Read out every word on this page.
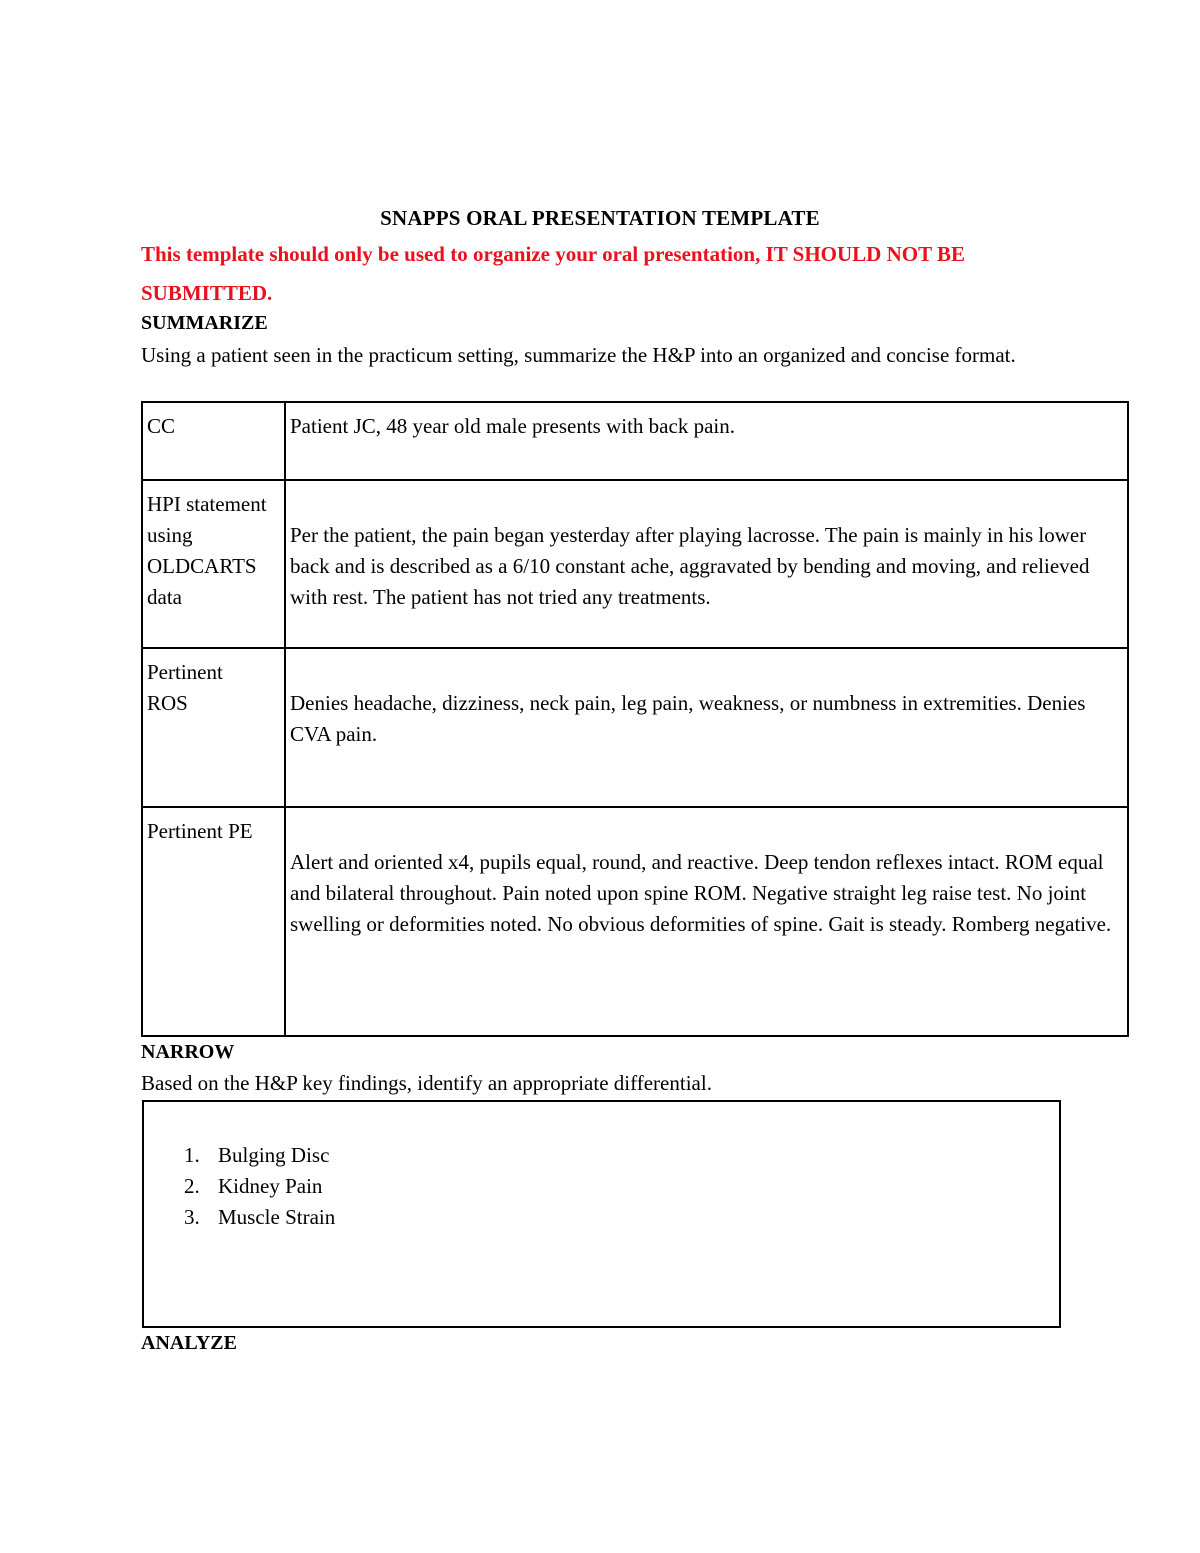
SNAPPS ORAL PRESENTATION TEMPLATE
This template should only be used to organize your oral presentation, IT SHOULD NOT BE SUBMITTED.
SUMMARIZE
Using a patient seen in the practicum setting, summarize the H&P into an organized and concise format.
CC	Patient JC, 48 year old male presents with back pain.
HPI statement using OLDCARTS data	Per the patient, the pain began yesterday after playing lacrosse. The pain is mainly in his lower back and is described as a 6/10 constant ache, aggravated by bending and moving, and relieved with rest. The patient has not tried any treatments.
Pertinent ROS	Denies headache, dizziness, neck pain, leg pain, weakness, or numbness in extremities. Denies CVA pain.
Pertinent PE	Alert and oriented x4, pupils equal, round, and reactive. Deep tendon reflexes intact. ROM equal and bilateral throughout. Pain noted upon spine ROM. Negative straight leg raise test. No joint swelling or deformities noted. No obvious deformities of spine. Gait is steady. Romberg negative.
NARROW
Based on the H&P key findings, identify an appropriate differential.
1. Bulging Disc
2. Kidney Pain
3. Muscle Strain
ANALYZE
